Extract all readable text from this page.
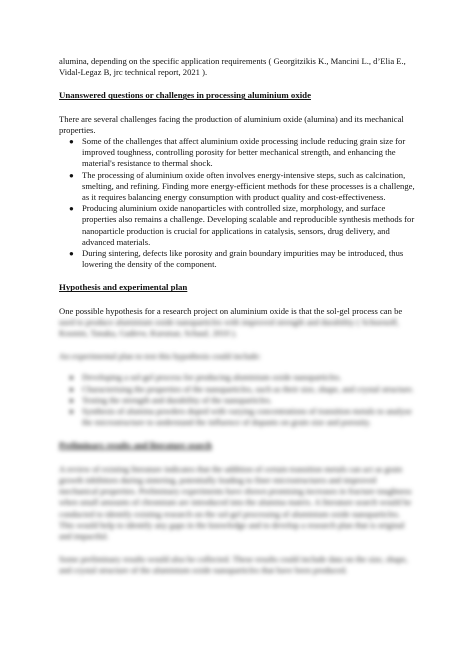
alumina, depending on the specific application requirements ( Georgitzikis K., Mancini L., d’Elia E., Vidal-Legaz B, jrc technical report, 2021 ).

Unanswered questions or challenges in processing aluminium oxide

There are several challenges facing the production of aluminium oxide (alumina) and its mechanical properties.

● Some of the challenges that affect aluminium oxide processing include reducing grain size for improved toughness, controlling porosity for better mechanical strength, and enhancing the material's resistance to thermal shock.
● The processing of aluminium oxide often involves energy-intensive steps, such as calcination, smelting, and refining. Finding more energy-efficient methods for these processes is a challenge, as it requires balancing energy consumption with product quality and cost-effectiveness.
● Producing aluminium oxide nanoparticles with controlled size, morphology, and surface properties also remains a challenge. Developing scalable and reproducible synthesis methods for nanoparticle production is crucial for applications in catalysis, sensors, drug delivery, and advanced materials.
● During sintering, defects like porosity and grain boundary impurities may be introduced, thus lowering the density of the component.
Hypothesis and experimental plan

One possible hypothesis for a research project on aluminium oxide is that the sol-gel process can be

used to produce aluminium oxide nanoparticles with improved strength and durability ( Schoenoff, Kosmin, Tanaka, Gadrew, Kurutsar, Schauf, 2010 ).

An experimental plan to test this hypothesis could include:

● Developing a sol-gel process for producing aluminium oxide nanoparticles.
● Characterising the properties of the nanoparticles, such as their size, shape, and crystal structure.
● Testing the strength and durability of the nanoparticles.
● Synthesis of alumina powders doped with varying concentrations of transition metals to analyse the microstructure to understand the influence of dopants on grain size and porosity.
Preliminary results and literature search

A review of existing literature indicates that the addition of certain transition metals can act as grain growth inhibitors during sintering, potentially leading to finer microstructures and improved mechanical properties. Preliminary experiments have shown promising increases in fracture toughness when small amounts of chromium are introduced into the alumina matrix. A literature search would be conducted to identify existing research on the sol-gel processing of aluminium oxide nanoparticles. This would help to identify any gaps in the knowledge and to develop a research plan that is original and impactful.

Some preliminary results would also be collected. These results could include data on the size, shape, and crystal structure of the aluminium oxide nanoparticles that have been produced.
